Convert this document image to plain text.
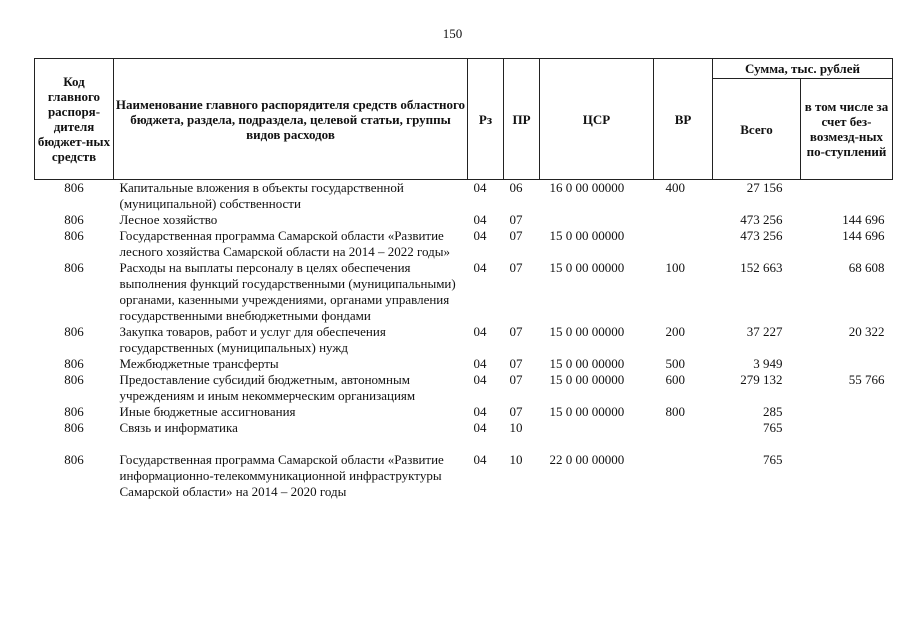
150
Код главного распоря-дителя бюджет-ных средств	Наименование главного распорядителя средств областного бюджета, раздела, подраздела, целевой статьи, группы видов расходов	Рз	ПР	ЦСР	ВР	Сумма, тыс. рублей	
						Всего	в том числе за счет без-возмезд-ных по-ступлений
806	Капитальные вложения в объекты государственной (муниципальной) собственности	04	06	16 0 00 00000	400	27 156	
806	Лесное хозяйство	04	07			473 256	144 696
806	Государственная программа Самарской области «Развитие лесного хозяйства Самарской области на 2014 – 2022 годы»	04	07	15 0 00 00000		473 256	144 696
806	Расходы на выплаты персоналу в целях обеспечения выполнения функций государственными (муниципальными) органами, казенными учреждениями, органами управления государственными внебюджетными фондами	04	07	15 0 00 00000	100	152 663	68 608
806	Закупка товаров, работ и услуг для обеспечения государственных (муниципальных) нужд	04	07	15 0 00 00000	200	37 227	20 322
806	Межбюджетные трансферты	04	07	15 0 00 00000	500	3 949	
806	Предоставление субсидий бюджетным, автономным учреждениям и иным некоммерческим организациям	04	07	15 0 00 00000	600	279 132	55 766
806	Иные бюджетные ассигнования	04	07	15 0 00 00000	800	285	
806	Связь и информатика	04	10			765	

806	Государственная программа Самарской области «Развитие информационно-телекоммуникационной инфраструктуры Самарской области» на 2014 – 2020 годы	04	10	22 0 00 00000		765	
